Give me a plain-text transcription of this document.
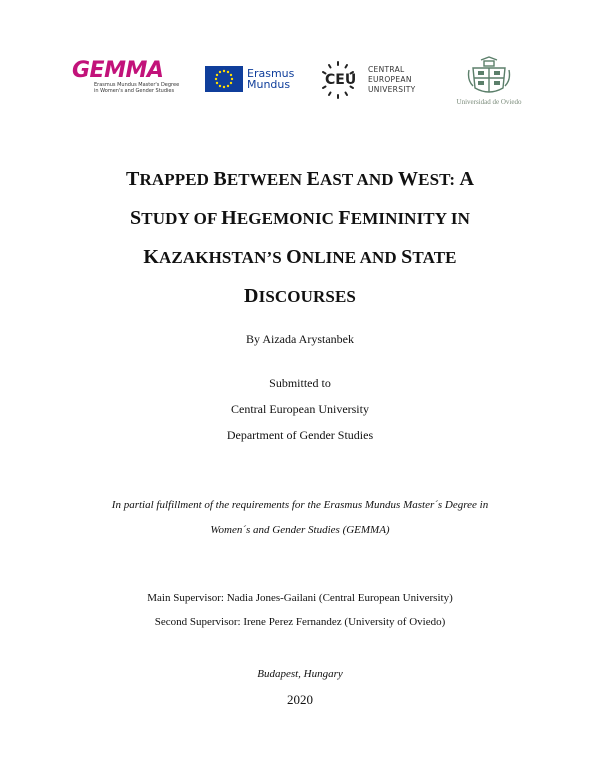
GEMMA
Erasmus Mundus Master's Degree in Women's and Gender Studies
Erasmus
Mundus	CEU
CENTRAL
EUROPEAN
UNIVERSITY
Universidad de Oviedo
TRAPPED BETWEEN EAST AND WEST: A
STUDY OF HEGEMONIC FEMININITY IN
KAZAKHSTAN’S ONLINE AND STATE
DISCOURSES
By Aizada Arystanbek
Submitted to
Central European University
Department of Gender Studies
In partial fulfillment of the requirements for the Erasmus Mundus Master´s Degree in
Women´s and Gender Studies (GEMMA)
Main Supervisor: Nadia Jones-Gailani (Central European University)
Second Supervisor: Irene Perez Fernandez (University of Oviedo)
Budapest, Hungary
2020
